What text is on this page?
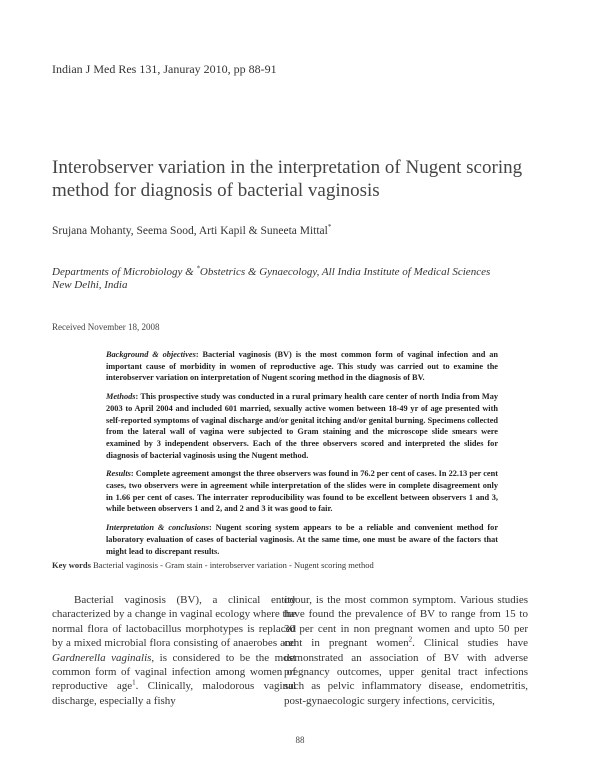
Indian J Med Res 131, Januray 2010, pp 88-91
Interobserver variation in the interpretation of Nugent scoring method for diagnosis of bacterial vaginosis
Srujana Mohanty, Seema Sood, Arti Kapil & Suneeta Mittal*
Departments of Microbiology & *Obstetrics & Gynaecology, All India Institute of Medical Sciences
New Delhi, India
Received November 18, 2008

Background & objectives: Bacterial vaginosis (BV) is the most common form of vaginal infection and an important cause of morbidity in women of reproductive age. This study was carried out to examine the interobserver variation on interpretation of Nugent scoring method in the diagnosis of BV.

Methods: This prospective study was conducted in a rural primary health care center of north India from May 2003 to April 2004 and included 601 married, sexually active women between 18-49 yr of age presented with self-reported symptoms of vaginal discharge and/or genital itching and/or genital burning. Specimens collected from the lateral wall of vagina were subjected to Gram staining and the microscope slide smears were examined by 3 independent observers. Each of the three observers scored and interpreted the slides for diagnosis of bacterial vaginosis using the Nugent method.

Results: Complete agreement amongst the three observers was found in 76.2 per cent of cases. In 22.13 per cent cases, two observers were in agreement while interpretation of the slides were in complete disagreement only in 1.66 per cent of cases. The interrater reproducibility was found to be excellent between observers 1 and 3, while between observers 1 and 2, and 2 and 3 it was good to fair.

Interpretation & conclusions: Nugent scoring system appears to be a reliable and convenient method for laboratory evaluation of cases of bacterial vaginosis. At the same time, one must be aware of the factors that might lead to discrepant results.

Key words Bacterial vaginosis - Gram stain - interobserver variation - Nugent scoring method

Bacterial vaginosis (BV), a clinical entity characterized by a change in vaginal ecology where the normal flora of lactobacillus morphotypes is replaced by a mixed microbial flora consisting of anaerobes and Gardnerella vaginalis, is considered to be the most common form of vaginal infection among women of reproductive age$^1$. Clinically, malodorous vaginal discharge, especially a fishy

odour, is the most common symptom. Various studies have found the prevalence of BV to range from 15 to 30 per cent in non pregnant women and upto 50 per cent in pregnant women$^2$. Clinical studies have demonstrated an association of BV with adverse pregnancy outcomes, upper genital tract infections such as pelvic inflammatory disease, endometritis, post-gynaecologic surgery infections, cervicitis,

88
